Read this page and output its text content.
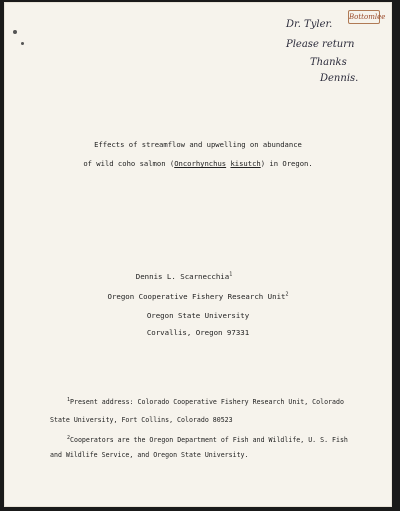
Bottomlee
Dr. Tyler.
Please return
Thanks
Dennis.
Effects of streamflow and upwelling on abundance
of wild coho salmon (Oncorhynchus kisutch) in Oregon.
Dennis L. Scarnecchia$^1$
Oregon Cooperative Fishery Research Unit$^2$
Oregon State University
Corvallis, Oregon 97331
$^1$Present address: Colorado Cooperative Fishery Research Unit, Colorado
State University, Fort Collins, Colorado 80523
$^2$Cooperators are the Oregon Department of Fish and Wildlife, U. S. Fish
and Wildlife Service, and Oregon State University.
